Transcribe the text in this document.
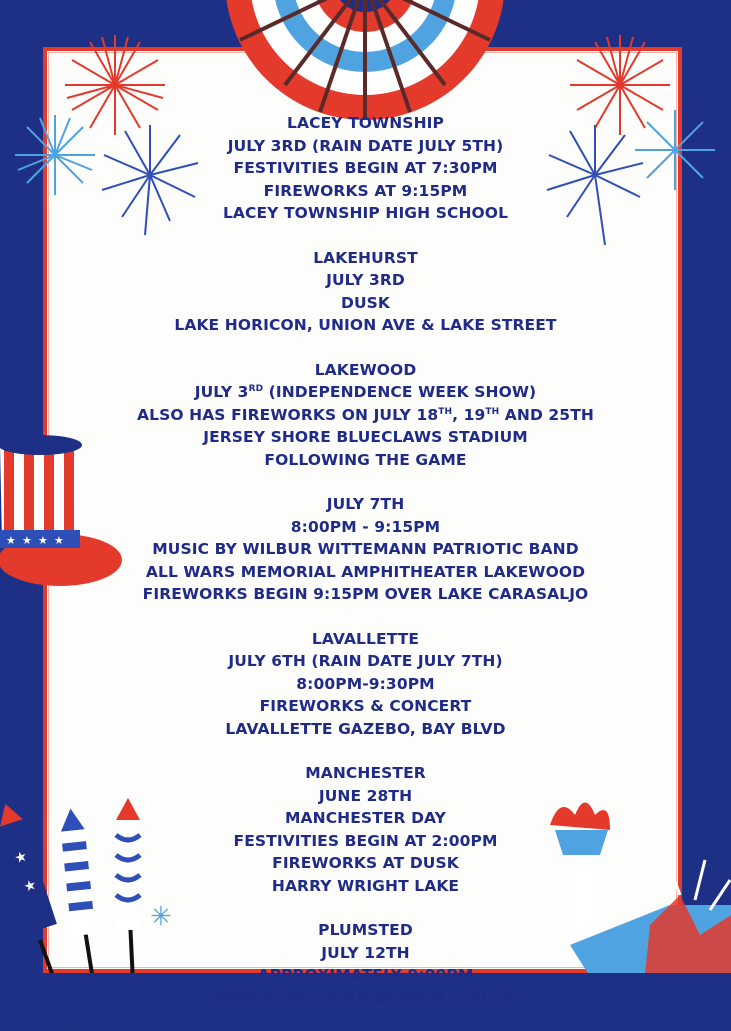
★ ★ ★ ★
★
★
✳
LACEY TOWNSHIP
JULY 3RD (RAIN DATE JULY 5TH)
FESTIVITIES BEGIN AT 7:30PM
FIREWORKS AT 9:15PM
LACEY TOWNSHIP HIGH SCHOOL
LAKEHURST
JULY 3RD
DUSK
LAKE HORICON, UNION AVE & LAKE STREET
LAKEWOOD
JULY 3RD (INDEPENDENCE WEEK SHOW)
ALSO HAS FIREWORKS ON JULY 18TH, 19TH AND 25TH
JERSEY SHORE BLUECLAWS STADIUM
FOLLOWING THE GAME
JULY 7TH
8:00PM - 9:15PM
MUSIC BY WILBUR WITTEMANN PATRIOTIC BAND
ALL WARS MEMORIAL AMPHITHEATER LAKEWOOD
FIREWORKS BEGIN 9:15PM OVER LAKE CARASALJO
LAVALLETTE
JULY 6TH (RAIN DATE JULY 7TH)
8:00PM-9:30PM
FIREWORKS & CONCERT
LAVALLETTE GAZEBO, BAY BLVD
MANCHESTER
JUNE 28TH
MANCHESTER DAY
FESTIVITIES BEGIN AT 2:00PM
FIREWORKS AT DUSK
HARRY WRIGHT LAKE
PLUMSTED
JULY 12TH
APPROXIMATELY 9:00PM
NEW EGYPT HIGH SCHOOL FIELDS
